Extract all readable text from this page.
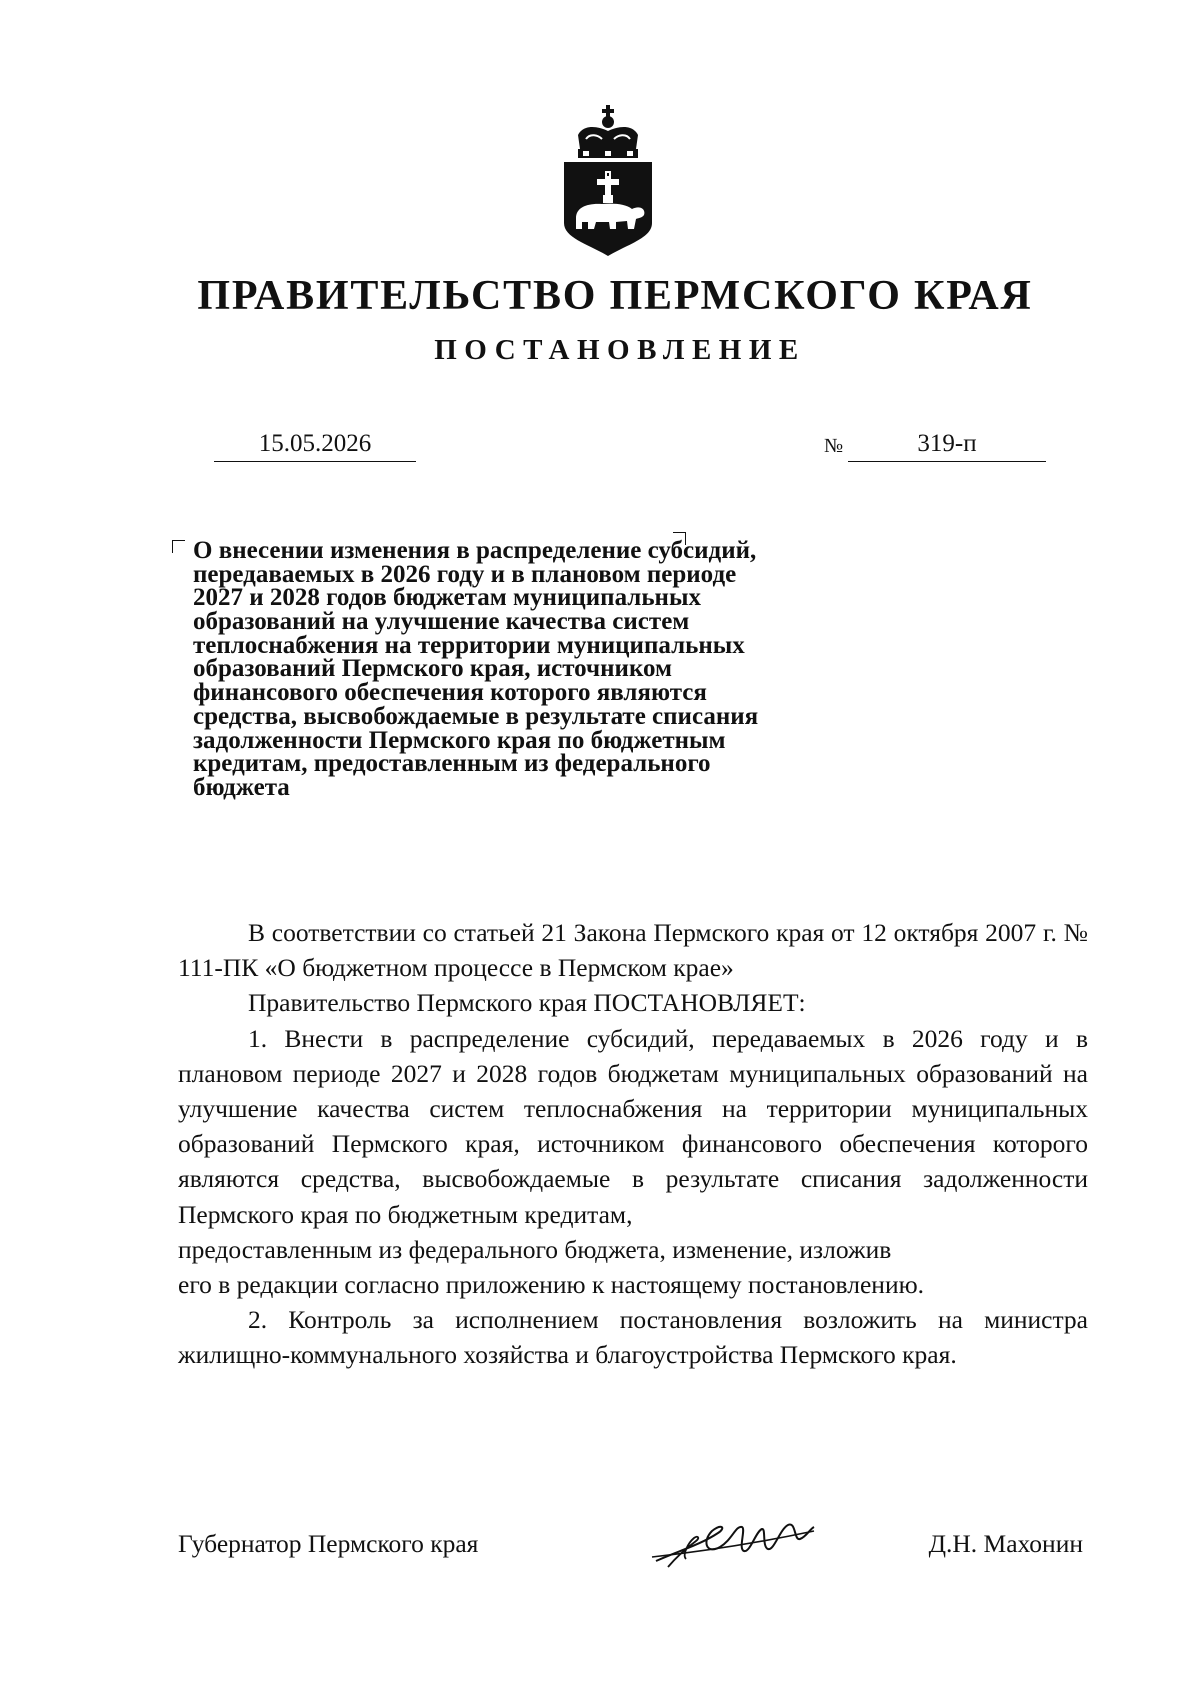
ПРАВИТЕЛЬСТВО ПЕРМСКОГО КРАЯ
ПОСТАНОВЛЕНИЕ
15.05.2026	№	319-п
О внесении изменения в распределение субсидий,
передаваемых в 2026 году и в плановом периоде
2027 и 2028 годов бюджетам муниципальных
образований на улучшение качества систем
теплоснабжения на территории муниципальных
образований Пермского края, источником
финансового обеспечения которого являются
средства, высвобождаемые в результате списания
задолженности Пермского края по бюджетным
кредитам, предоставленным из федерального
бюджета

В соответствии со статьей 21 Закона Пермского края от 12 октября 2007 г. № 111-ПК «О бюджетном процессе в Пермском крае»

Правительство Пермского края ПОСТАНОВЛЯЕТ:

1. Внести в распределение субсидий, передаваемых в 2026 году и в плановом периоде 2027 и 2028 годов бюджетам муниципальных образований на улучшение качества систем теплоснабжения на территории муниципальных образований Пермского края, источником финансового обеспечения которого являются средства, высвобождаемые в результате списания задолженности Пермского края по бюджетным кредитам,

предоставленным из федерального бюджета, изменение, изложив

его в редакции согласно приложению к настоящему постановлению.

2. Контроль за исполнением постановления возложить на министра жилищно-коммунального хозяйства и благоустройства Пермского края.

Губернатор Пермского края	Д.Н. Махонин
